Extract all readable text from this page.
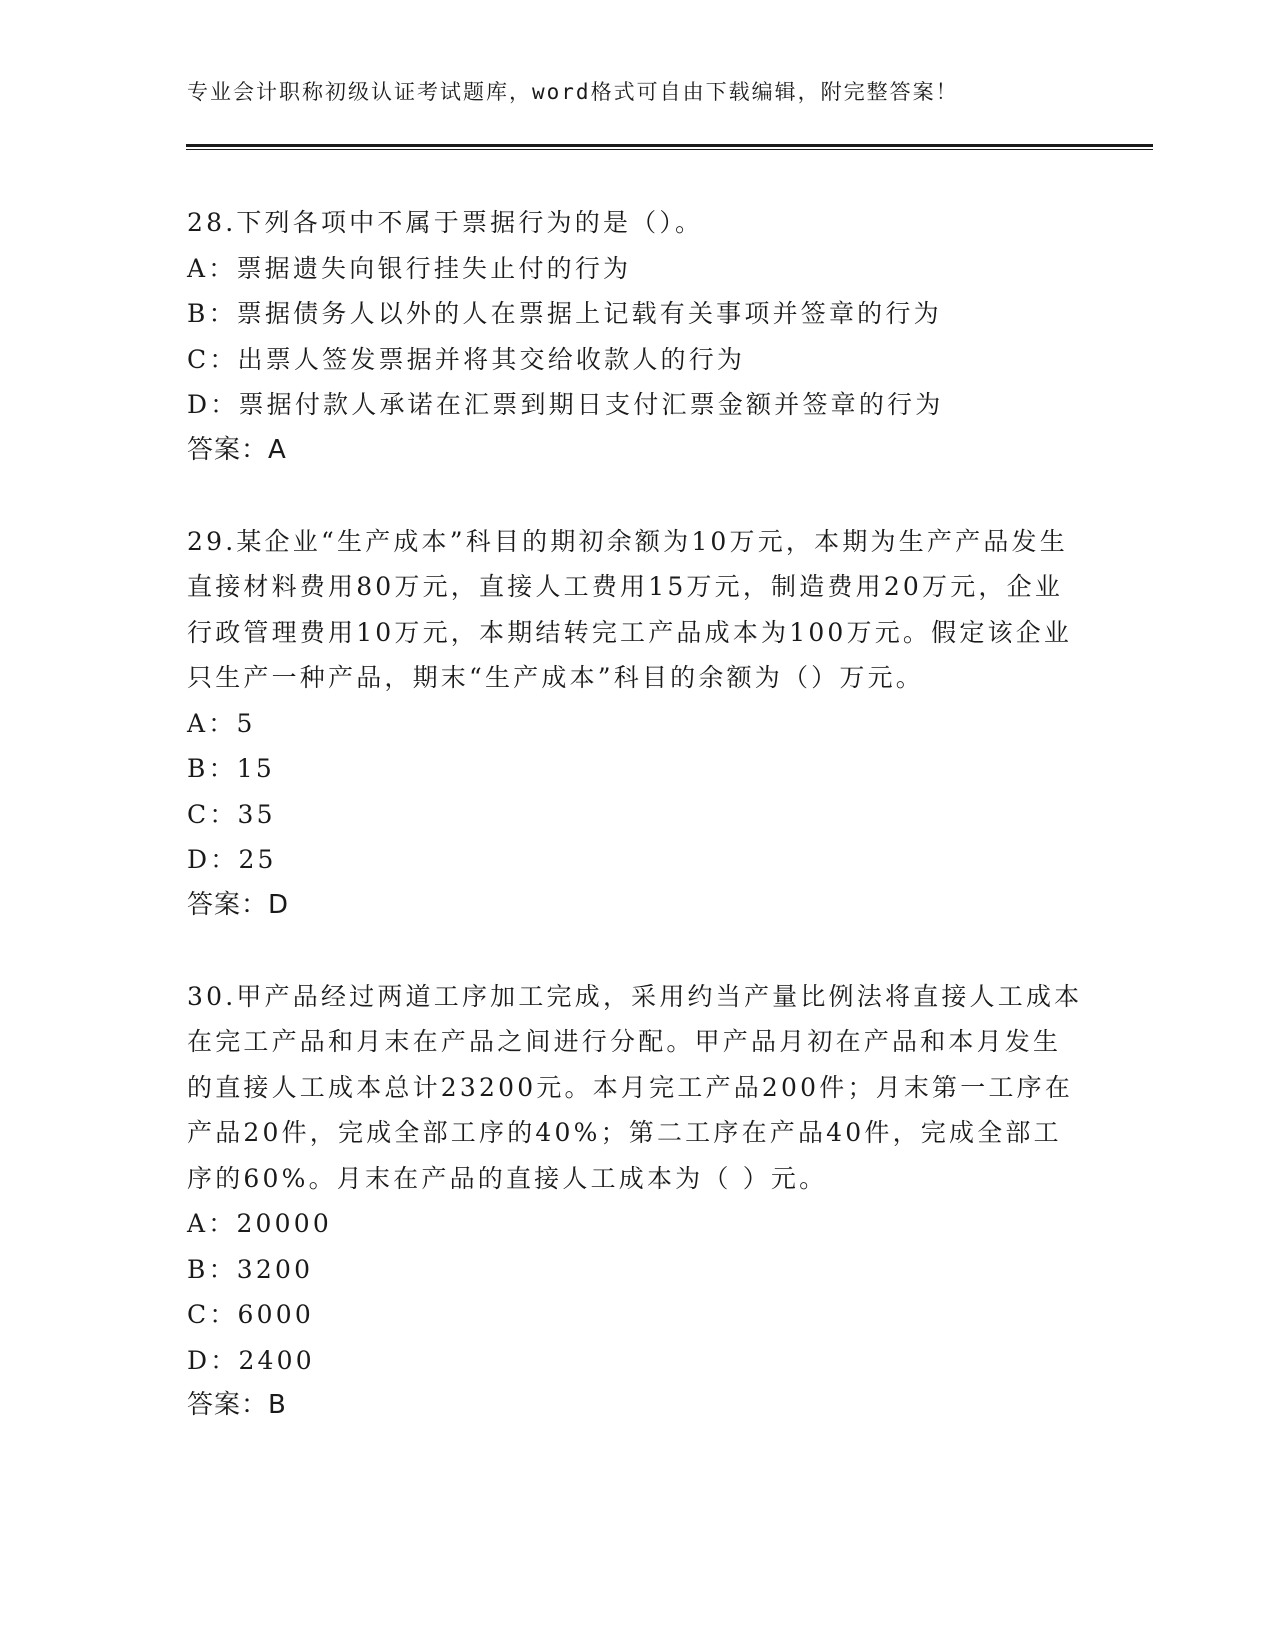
专业会计职称初级认证考试题库，word格式可自由下载编辑，附完整答案！

28.下列各项中不属于票据行为的是（）。

A：票据遗失向银行挂失止付的行为

B：票据债务人以外的人在票据上记载有关事项并签章的行为

C：出票人签发票据并将其交给收款人的行为

D：票据付款人承诺在汇票到期日支付汇票金额并签章的行为

答案：A

29.某企业“生产成本”科目的期初余额为10万元，本期为生产产品发生直接材料费用80万元，直接人工费用15万元，制造费用20万元，企业行政管理费用10万元，本期结转完工产品成本为100万元。假定该企业只生产一种产品，期末“生产成本”科目的余额为（）万元。

A：5

B：15

C：35

D：25

答案：D

30.甲产品经过两道工序加工完成，采用约当产量比例法将直接人工成本在完工产品和月末在产品之间进行分配。甲产品月初在产品和本月发生的直接人工成本总计23200元。本月完工产品200件；月末第一工序在产品20件，完成全部工序的40%；第二工序在产品40件，完成全部工序的60%。月末在产品的直接人工成本为（ ）元。

A：20000

B：3200

C：6000

D：2400

答案：B
